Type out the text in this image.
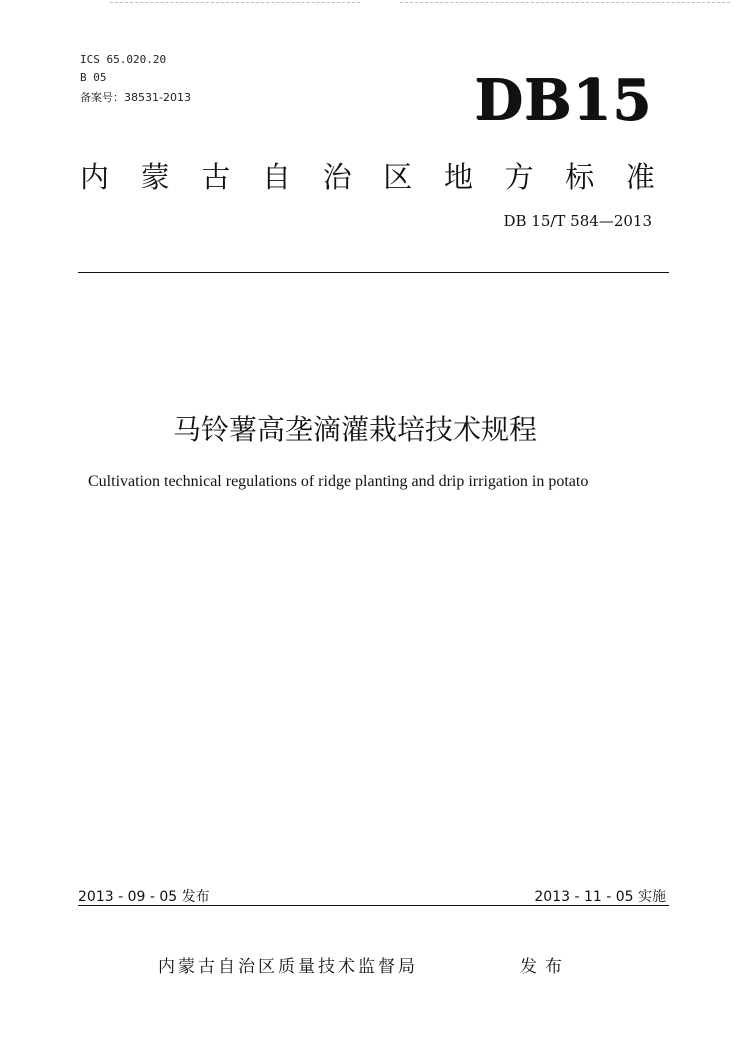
ICS 65.020.20
B 05
备案号：38531-2013	DB15
内 蒙 古 自 治 区 地 方 标 准
DB 15/T 584—2013
马铃薯高垄滴灌栽培技术规程
Cultivation technical regulations of ridge planting and drip irrigation in potato
2013 - 09 - 05 发布	2013 - 11 - 05 实施
内蒙古自治区质量技术监督局	发布
